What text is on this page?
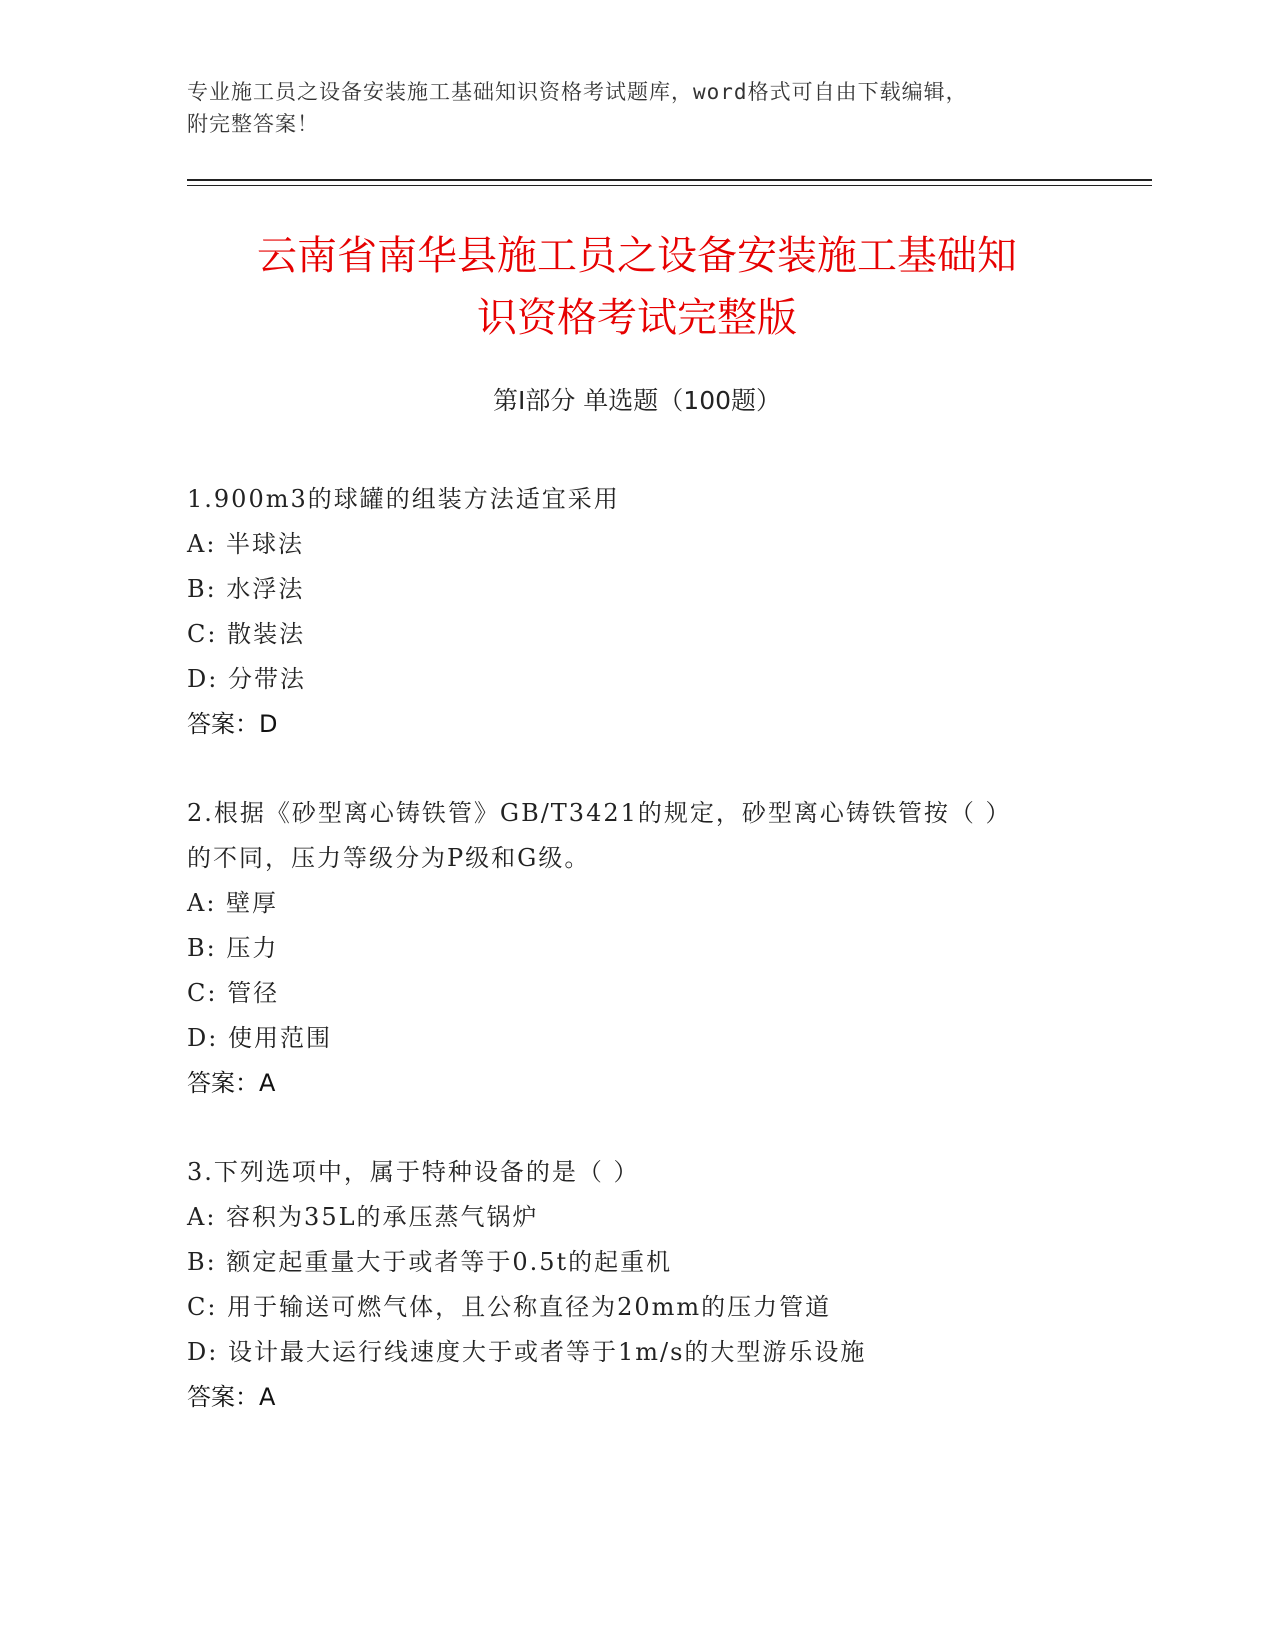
专业施工员之设备安装施工基础知识资格考试题库，word格式可自由下载编辑，
附完整答案！
云南省南华县施工员之设备安装施工基础知
识资格考试完整版
第Ⅰ部分 单选题（100题）
1.900m3的球罐的组装方法适宜采用
A: 半球法
B: 水浮法
C: 散装法
D: 分带法
答案：D
2.根据《砂型离心铸铁管》GB/T3421的规定，砂型离心铸铁管按（ ）
的不同，压力等级分为P级和G级。
A: 壁厚
B: 压力
C: 管径
D: 使用范围
答案：A
3.下列选项中，属于特种设备的是（ ）
A: 容积为35L的承压蒸气锅炉
B: 额定起重量大于或者等于0.5t的起重机
C: 用于输送可燃气体，且公称直径为20mm的压力管道
D: 设计最大运行线速度大于或者等于1m/s的大型游乐设施
答案：A
